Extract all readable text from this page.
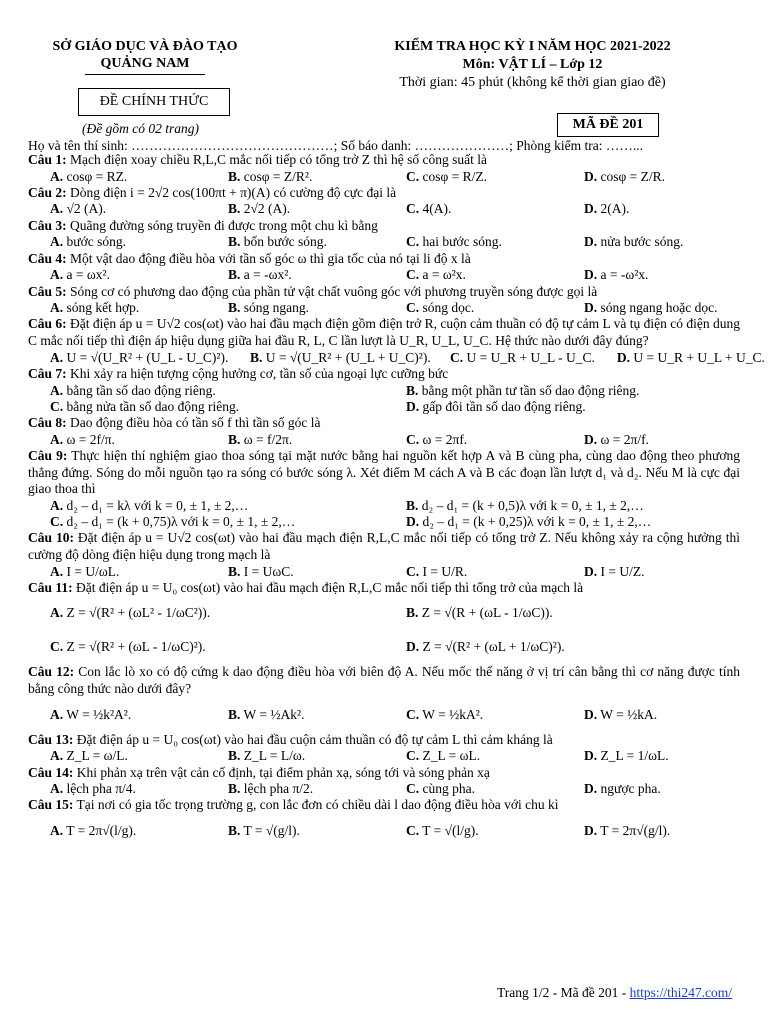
SỞ GIÁO DỤC VÀ ĐÀO TẠO
QUẢNG NAM
KIỂM TRA HỌC KỲ I NĂM HỌC 2021-2022
Môn: VẬT LÍ – Lớp 12
Thời gian: 45 phút (không kể thời gian giao đề)
ĐỀ CHÍNH THỨC
(Đề gồm có 02 trang)	MÃ ĐỀ 201
Họ và tên thí sinh: ………………………………………; Số báo danh: …………………; Phòng kiểm tra: ……...
Câu 1: Mạch điện xoay chiều R,L,C mắc nối tiếp có tổng trở Z thì hệ số công suất là
A. cosφ = RZ.	B. cosφ = Z/R².	C. cosφ = R/Z.	D. cosφ = Z/R.
Câu 2: Dòng điện i = 2√2 cos(100πt + π)(A) có cường độ cực đại là
A. √2 (A).	B. 2√2 (A).	C. 4(A).	D. 2(A).
Câu 3: Quãng đường sóng truyền đi được trong một chu kì bằng
A. bước sóng.	B. bốn bước sóng.	C. hai bước sóng.	D. nửa bước sóng.
Câu 4: Một vật dao động điều hòa với tần số góc ω thì gia tốc của nó tại li độ x là
A. a = ωx².	B. a = -ωx².	C. a = ω²x.	D. a = -ω²x.
Câu 5: Sóng cơ có phương dao động của phần tử vật chất vuông góc với phương truyền sóng được gọi là
A. sóng kết hợp.	B. sóng ngang.	C. sóng dọc.	D. sóng ngang hoặc dọc.
Câu 6: Đặt điện áp u = U√2 cos(ωt) vào hai đầu mạch điện gồm điện trở R, cuộn cảm thuần có độ tự cảm L và tụ điện có điện dung C mắc nối tiếp thì điện áp hiệu dụng giữa hai đầu R, L, C lần lượt là U_R, U_L, U_C. Hệ thức nào dưới đây đúng?
A. U = √(U_R² + (U_L - U_C)²).	B. U = √(U_R² + (U_L + U_C)²).	C. U = U_R + U_L - U_C.	D. U = U_R + U_L + U_C.
Câu 7: Khi xảy ra hiện tượng cộng hưởng cơ, tần số của ngoại lực cưỡng bức
A. bằng tần số dao động riêng.	B. bằng một phần tư tần số dao động riêng.
C. bằng nửa tần số dao động riêng.	D. gấp đôi tần số dao động riêng.
Câu 8: Dao động điều hòa có tần số f thì tần số góc là
A. ω = 2f/π.	B. ω = f/2π.	C. ω = 2πf.	D. ω = 2π/f.
Câu 9: Thực hiện thí nghiệm giao thoa sóng tại mặt nước bằng hai nguồn kết hợp A và B cùng pha, cùng dao động theo phương thẳng đứng. Sóng do mỗi nguồn tạo ra sóng có bước sóng λ. Xét điểm M cách A và B các đoạn lần lượt d₁ và d₂. Nếu M là cực đại giao thoa thì
A. d₂ – d₁ = kλ với k = 0, ± 1, ± 2,…	B. d₂ – d₁ = (k + 0,5)λ với k = 0, ± 1, ± 2,…
C. d₂ – d₁ = (k + 0,75)λ với k = 0, ± 1, ± 2,…	D. d₂ – d₁ = (k + 0,25)λ với k = 0, ± 1, ± 2,…
Câu 10: Đặt điện áp u = U√2 cos(ωt) vào hai đầu mạch điện R,L,C mắc nối tiếp có tổng trở Z. Nếu không xảy ra cộng hưởng thì cường độ dòng điện hiệu dụng trong mạch là
A. I = U/ωL.	B. I = UωC.	C. I = U/R.	D. I = U/Z.
Câu 11: Đặt điện áp u = U₀ cos(ωt) vào hai đầu mạch điện R,L,C mắc nối tiếp thì tổng trở của mạch là
A. Z = √(R² + (ωL² - 1/ωC²)).	B. Z = √(R + (ωL - 1/ωC)).
C. Z = √(R² + (ωL - 1/ωC)²).	D. Z = √(R² + (ωL + 1/ωC)²).
Câu 12: Con lắc lò xo có độ cứng k dao động điều hòa với biên độ A. Nếu mốc thế năng ở vị trí cân bằng thì cơ năng được tính bằng công thức nào dưới đây?
A. W = ½k²A².	B. W = ½Ak².	C. W = ½kA².	D. W = ½kA.
Câu 13: Đặt điện áp u = U₀ cos(ωt) vào hai đầu cuộn cảm thuần có độ tự cảm L thì cảm kháng là
A. Z_L = ω/L.	B. Z_L = L/ω.	C. Z_L = ωL.	D. Z_L = 1/ωL.
Câu 14: Khi phản xạ trên vật cản cố định, tại điểm phản xạ, sóng tới và sóng phản xạ
A. lệch pha π/4.	B. lệch pha π/2.	C. cùng pha.	D. ngược pha.
Câu 15: Tại nơi có gia tốc trọng trường g, con lắc đơn có chiều dài l dao động điều hòa với chu kì
A. T = 2π√(l/g).	B. T = √(g/l).	C. T = √(l/g).	D. T = 2π√(g/l).
Trang 1/2 - Mã đề 201 - https://thi247.com/
